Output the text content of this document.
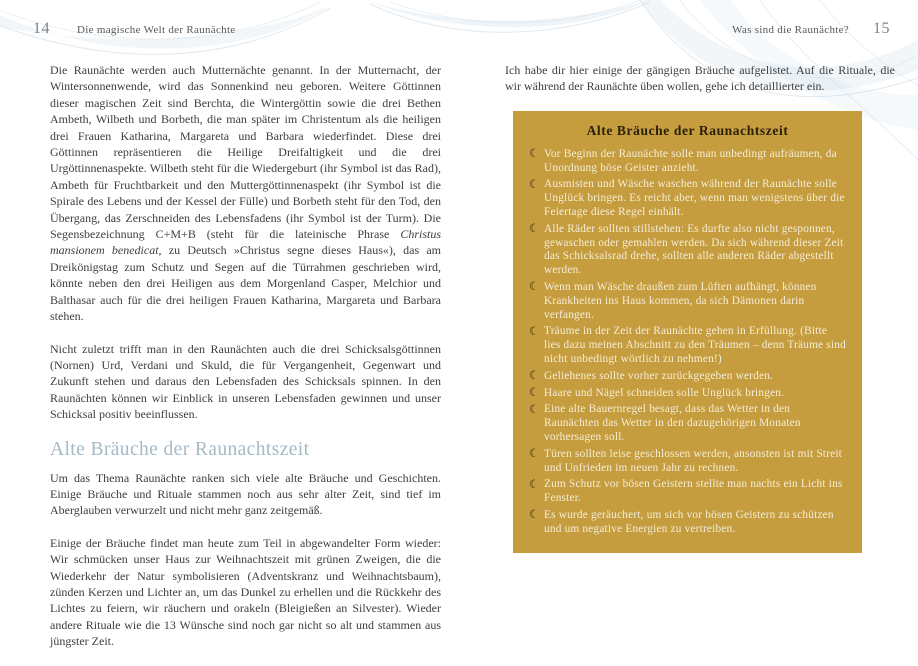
14 Die magische Welt der Raunächte	Was sind die Raunächte? 15

Die Raunächte werden auch Mutternächte genannt. In der Mutternacht, der Wintersonnenwende, wird das Sonnenkind neu geboren. Weitere Göttinnen dieser magischen Zeit sind Berchta, die Wintergöttin sowie die drei Bethen Ambeth, Wilbeth und Borbeth, die man später im Christentum als die heiligen drei Frauen Katharina, Margareta und Barbara wiederfindet. Diese drei Göttinnen repräsentieren die Heilige Dreifaltigkeit und die drei Urgöttinnenaspekte. Wilbeth steht für die Wiedergeburt (ihr Symbol ist das Rad), Ambeth für Fruchtbarkeit und den Muttergöttinnenaspekt (ihr Symbol ist die Spirale des Lebens und der Kessel der Fülle) und Borbeth steht für den Tod, den Übergang, das Zerschneiden des Lebensfadens (ihr Symbol ist der Turm). Die Segensbezeichnung C+M+B (steht für die lateinische Phrase Christus mansionem benedicat, zu Deutsch »Christus segne dieses Haus«), das am Dreikönigstag zum Schutz und Segen auf die Türrahmen geschrieben wird, könnte neben den drei Heiligen aus dem Morgenland Casper, Melchior und Balthasar auch für die drei heiligen Frauen Katharina, Margareta und Barbara stehen.

Nicht zuletzt trifft man in den Raunächten auch die drei Schicksalsgöttinnen (Nornen) Urd, Verdani und Skuld, die für Vergangenheit, Gegenwart und Zukunft stehen und daraus den Lebensfaden des Schicksals spinnen. In den Raunächten können wir Einblick in unseren Lebensfaden gewinnen und unser Schicksal positiv beeinflussen.

Alte Bräuche der Raunachtszeit

Um das Thema Raunächte ranken sich viele alte Bräuche und Geschichten. Einige Bräuche und Rituale stammen noch aus sehr alter Zeit, sind tief im Aberglauben verwurzelt und nicht mehr ganz zeitgemäß.

Einige der Bräuche findet man heute zum Teil in abgewandelter Form wieder: Wir schmücken unser Haus zur Weihnachtszeit mit grünen Zweigen, die die Wiederkehr der Natur symbolisieren (Adventskranz und Weihnachtsbaum), zünden Kerzen und Lichter an, um das Dunkel zu erhellen und die Rückkehr des Lichtes zu feiern, wir räuchern und orakeln (Bleigießen an Silvester). Wieder andere Rituale wie die 13 Wünsche sind noch gar nicht so alt und stammen aus jüngster Zeit.

Ich habe dir hier einige der gängigen Bräuche aufgelistet. Auf die Rituale, die wir während der Raunächte üben wollen, gehe ich detaillierter ein.

Alte Bräuche der Raunachtszeit
☾ Vor Beginn der Raunächte solle man unbedingt aufräumen, da Unordnung böse Geister anzieht.
☾ Ausmisten und Wäsche waschen während der Raunächte solle Unglück bringen. Es reicht aber, wenn man wenigstens über die Feiertage diese Regel einhält.
☾ Alle Räder sollten stillstehen: Es durfte also nicht gesponnen, gewaschen oder gemahlen werden. Da sich während dieser Zeit das Schicksalsrad drehe, sollten alle anderen Räder abgestellt werden.
☾ Wenn man Wäsche draußen zum Lüften aufhängt, können Krankheiten ins Haus kommen, da sich Dämonen darin verfangen.
☾ Träume in der Zeit der Raunächte gehen in Erfüllung. (Bitte lies dazu meinen Abschnitt zu den Träumen – denn Träume sind nicht unbedingt wörtlich zu nehmen!)
☾ Geliehenes sollte vorher zurückgegeben werden.
☾ Haare und Nägel schneiden solle Unglück bringen.
☾ Eine alte Bauernregel besagt, dass das Wetter in den Raunächten das Wetter in den dazugehörigen Monaten vorhersagen soll.
☾ Türen sollten leise geschlossen werden, ansonsten ist mit Streit und Unfrieden im neuen Jahr zu rechnen.
☾ Zum Schutz vor bösen Geistern stellte man nachts ein Licht ins Fenster.
☾ Es wurde geräuchert, um sich vor bösen Geistern zu schützen und um negative Energien zu vertreiben.
